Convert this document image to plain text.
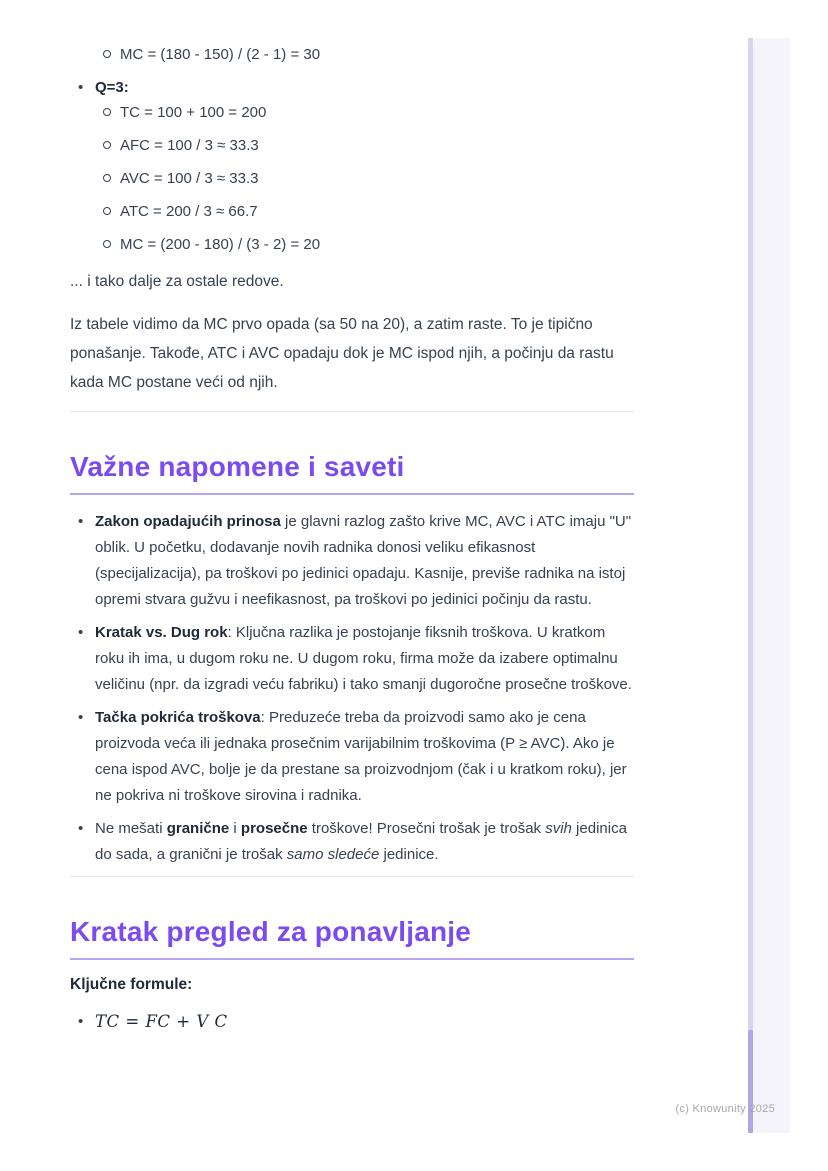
MC = (180 - 150) / (2 - 1) = 30
• Q=3:
TC = 100 + 100 = 200
AFC = 100 / 3 ≈ 33.3
AVC = 100 / 3 ≈ 33.3
ATC = 200 / 3 ≈ 66.7
MC = (200 - 180) / (3 - 2) = 20

... i tako dalje za ostale redove.

Iz tabele vidimo da MC prvo opada (sa 50 na 20), a zatim raste. To je tipično ponašanje. Takođe, ATC i AVC opadaju dok je MC ispod njih, a počinju da rastu kada MC postane veći od njih.

Važne napomene i saveti
• Zakon opadajućih prinosa je glavni razlog zašto krive MC, AVC i ATC imaju "U" oblik. U početku, dodavanje novih radnika donosi veliku efikasnost (specijalizacija), pa troškovi po jedinici opadaju. Kasnije, previše radnika na istoj opremi stvara gužvu i neefikasnost, pa troškovi po jedinici počinju da rastu.
• Kratak vs. Dug rok: Ključna razlika je postojanje fiksnih troškova. U kratkom roku ih ima, u dugom roku ne. U dugom roku, firma može da izabere optimalnu veličinu (npr. da izgradi veću fabriku) i tako smanji dugoročne prosečne troškove.
• Tačka pokrića troškova: Preduzeće treba da proizvodi samo ako je cena proizvoda veća ili jednaka prosečnim varijabilnim troškovima (P ≥ AVC). Ako je cena ispod AVC, bolje je da prestane sa proizvodnjom (čak i u kratkom roku), jer ne pokriva ni troškove sirovina i radnika.
• Ne mešati granične i prosečne troškove! Prosečni trošak je trošak svih jedinica do sada, a granični je trošak samo sledeće jedinice.
Kratak pregled za ponavljanje

Ključne formule:

• TC = FC + V C
(c) Knowunity 2025
